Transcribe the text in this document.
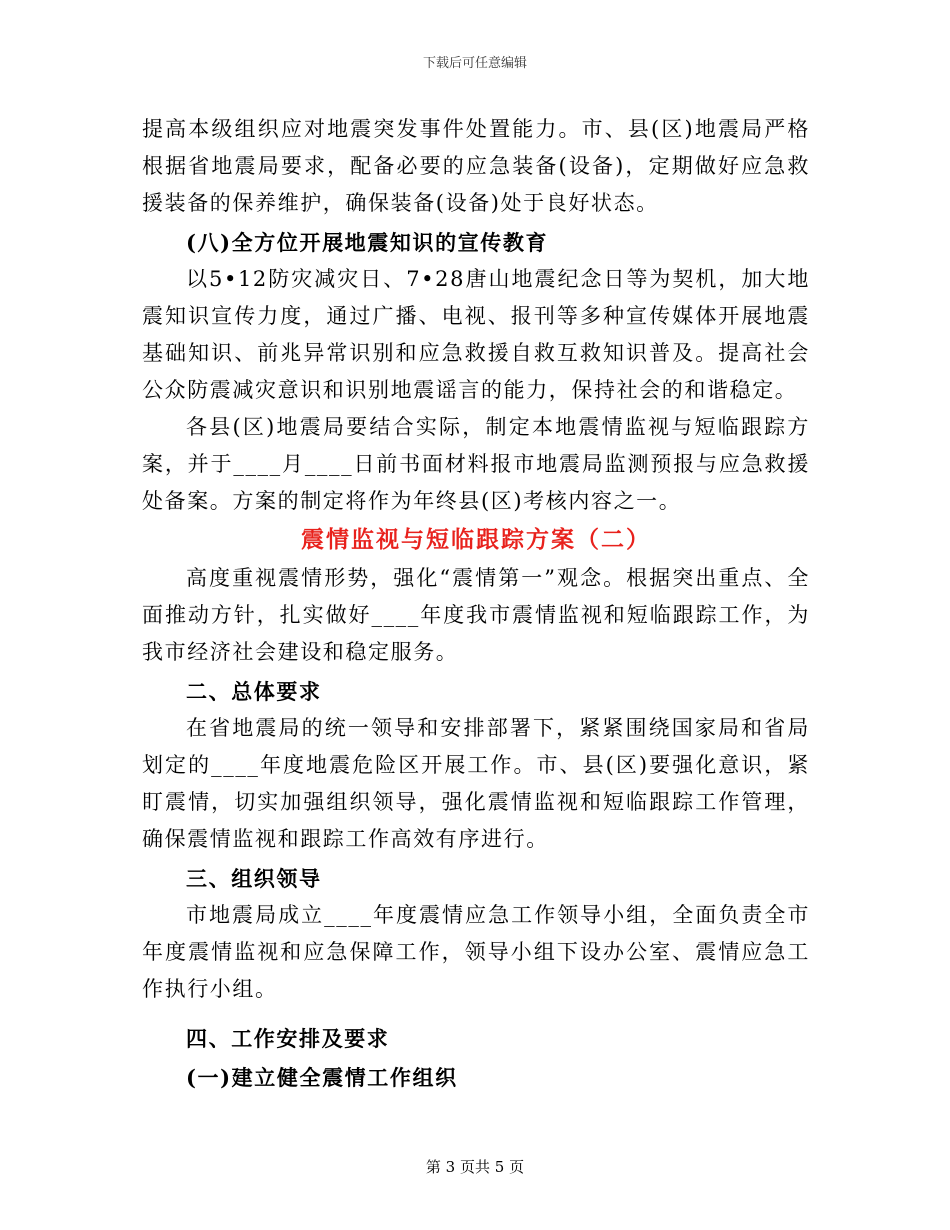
下载后可任意编辑

提高本级组织应对地震突发事件处置能力。市、县(区)地震局严格根据省地震局要求，配备必要的应急装备(设备)，定期做好应急救援装备的保养维护，确保装备(设备)处于良好状态。

(八)全方位开展地震知识的宣传教育

以5•12防灾减灾日、7•28唐山地震纪念日等为契机，加大地震知识宣传力度，通过广播、电视、报刊等多种宣传媒体开展地震基础知识、前兆异常识别和应急救援自救互救知识普及。提高社会公众防震减灾意识和识别地震谣言的能力，保持社会的和谐稳定。

各县(区)地震局要结合实际，制定本地震情监视与短临跟踪方案，并于____月____日前书面材料报市地震局监测预报与应急救援处备案。方案的制定将作为年终县(区)考核内容之一。

震情监视与短临跟踪方案（二）

高度重视震情形势，强化“震情第一”观念。根据突出重点、全面推动方针，扎实做好____年度我市震情监视和短临跟踪工作，为我市经济社会建设和稳定服务。

二、总体要求

在省地震局的统一领导和安排部署下，紧紧围绕国家局和省局划定的____年度地震危险区开展工作。市、县(区)要强化意识，紧盯震情，切实加强组织领导，强化震情监视和短临跟踪工作管理，确保震情监视和跟踪工作高效有序进行。

三、组织领导

市地震局成立____年度震情应急工作领导小组，全面负责全市年度震情监视和应急保障工作，领导小组下设办公室、震情应急工作执行小组。

四、工作安排及要求

(一)建立健全震情工作组织

第 3 页共 5 页
